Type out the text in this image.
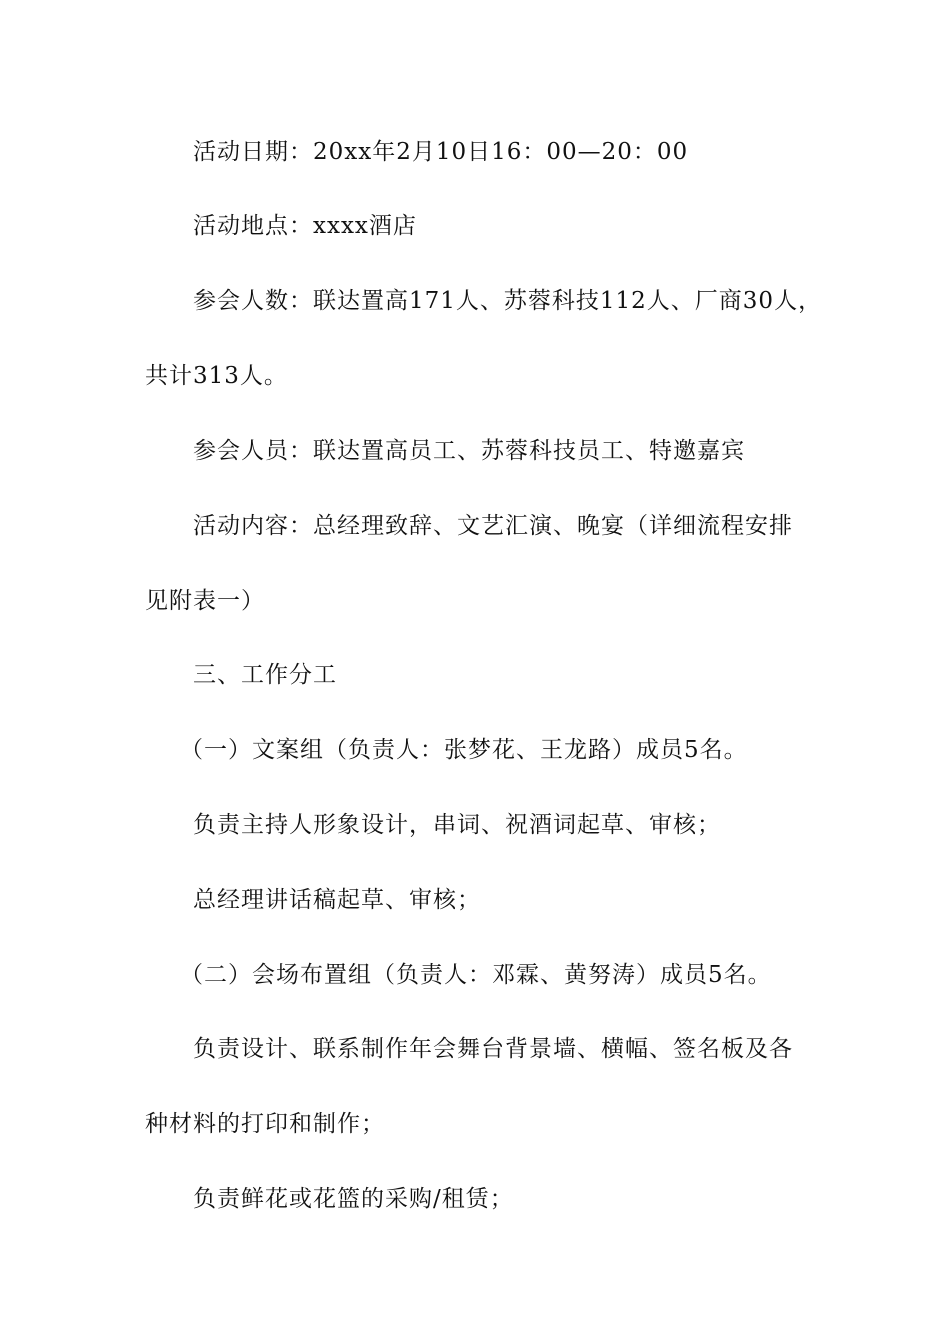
活动日期：20xx年2月10日16：00—20：00
活动地点：xxxx酒店
参会人数：联达置高171人、苏蓉科技112人、厂商30人，
共计313人。
参会人员：联达置高员工、苏蓉科技员工、特邀嘉宾
活动内容：总经理致辞、文艺汇演、晚宴（详细流程安排
见附表一）
三、工作分工
（一）文案组（负责人：张梦花、王龙路）成员5名。
负责主持人形象设计，串词、祝酒词起草、审核；
总经理讲话稿起草、审核；
（二）会场布置组（负责人：邓霖、黄努涛）成员5名。
负责设计、联系制作年会舞台背景墙、横幅、签名板及各
种材料的打印和制作；
负责鲜花或花篮的采购/租赁；
